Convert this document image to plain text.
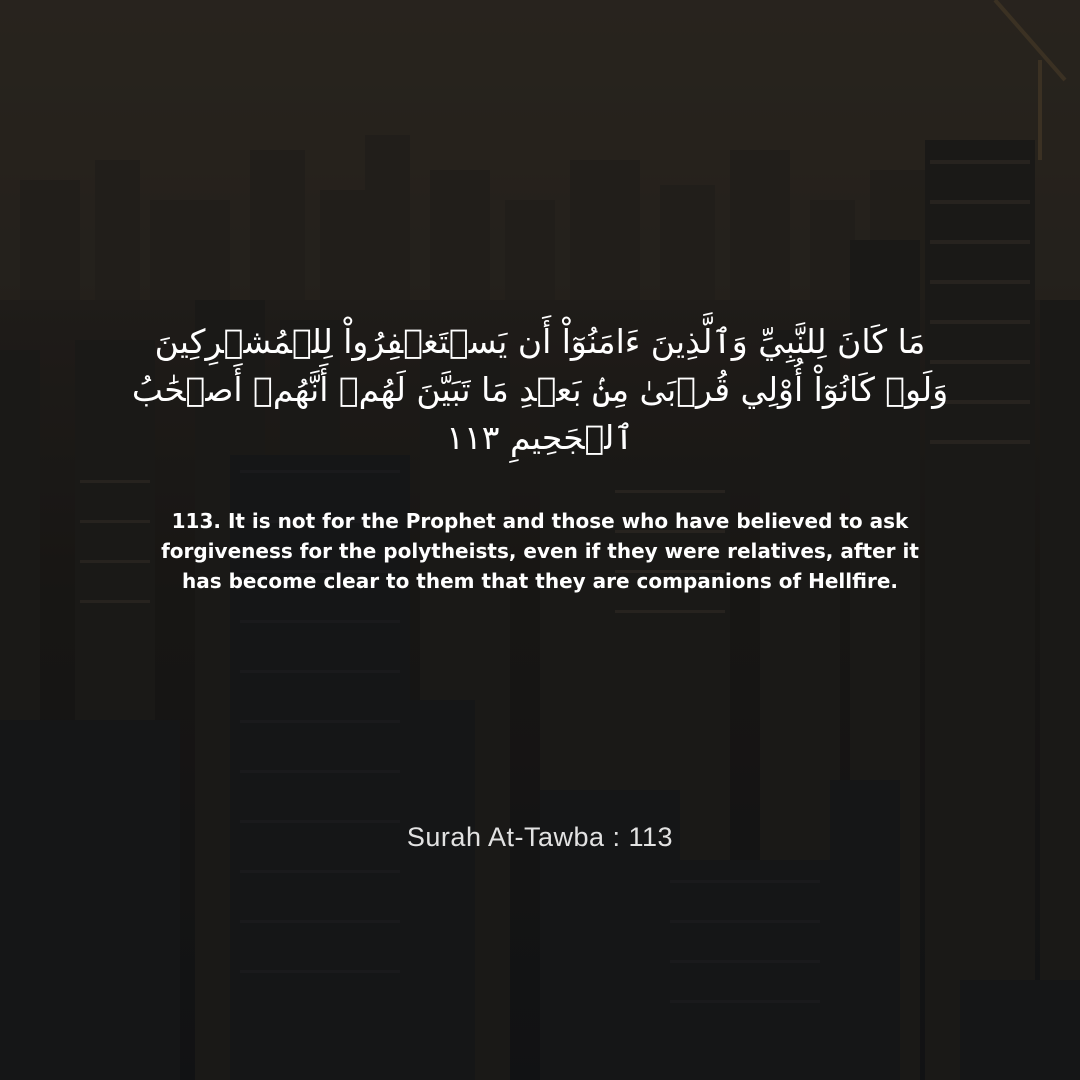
مَا كَانَ لِلنَّبِيِّ وَٱلَّذِينَ ءَامَنُوٓاْ أَن يَسۡتَغۡفِرُواْ لِلۡمُشۡرِكِينَ وَلَوۡ كَانُوٓاْ أُوْلِي قُرۡبَىٰ مِنۢ بَعۡدِ مَا تَبَيَّنَ لَهُمۡ أَنَّهُمۡ أَصۡحَٰبُ ٱلۡجَحِيمِ ١١٣

113. It is not for the Prophet and those who have believed to ask forgiveness for the polytheists, even if they were relatives, after it has become clear to them that they are companions of Hellfire.

Surah At-Tawba : 113
